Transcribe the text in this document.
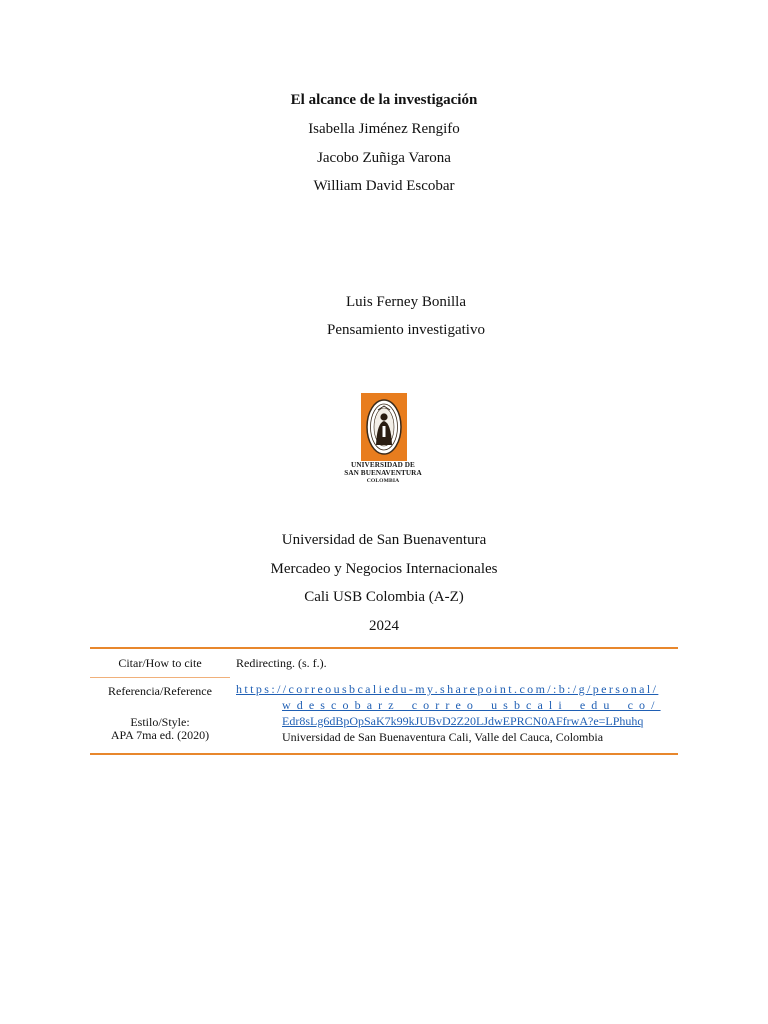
El alcance de la investigación
Isabella Jiménez Rengifo
Jacobo Zuñiga Varona
William David Escobar
Luis Ferney Bonilla
Pensamiento investigativo
UNIVERSIDAD DE
SAN BUENAVENTURA
COLOMBIA
Universidad de San Buenaventura
Mercadeo y Negocios Internacionales
Cali USB Colombia (A-Z)
2024
Citar/How to cite
Referencia/Reference
Estilo/Style:
APA 7ma ed. (2020)
Redirecting. (s. f.).
https://correousbcaliedu-my.sharepoint.com/:b:/g/personal/
wdescobarz_correo_usbcali_edu_co/
Edr8sLg6dBpOpSaK7k99kJUBvD2Z20LJdwEPRCN0AFfrwA?e=LPhuhq
Universidad de San Buenaventura Cali, Valle del Cauca, Colombia
